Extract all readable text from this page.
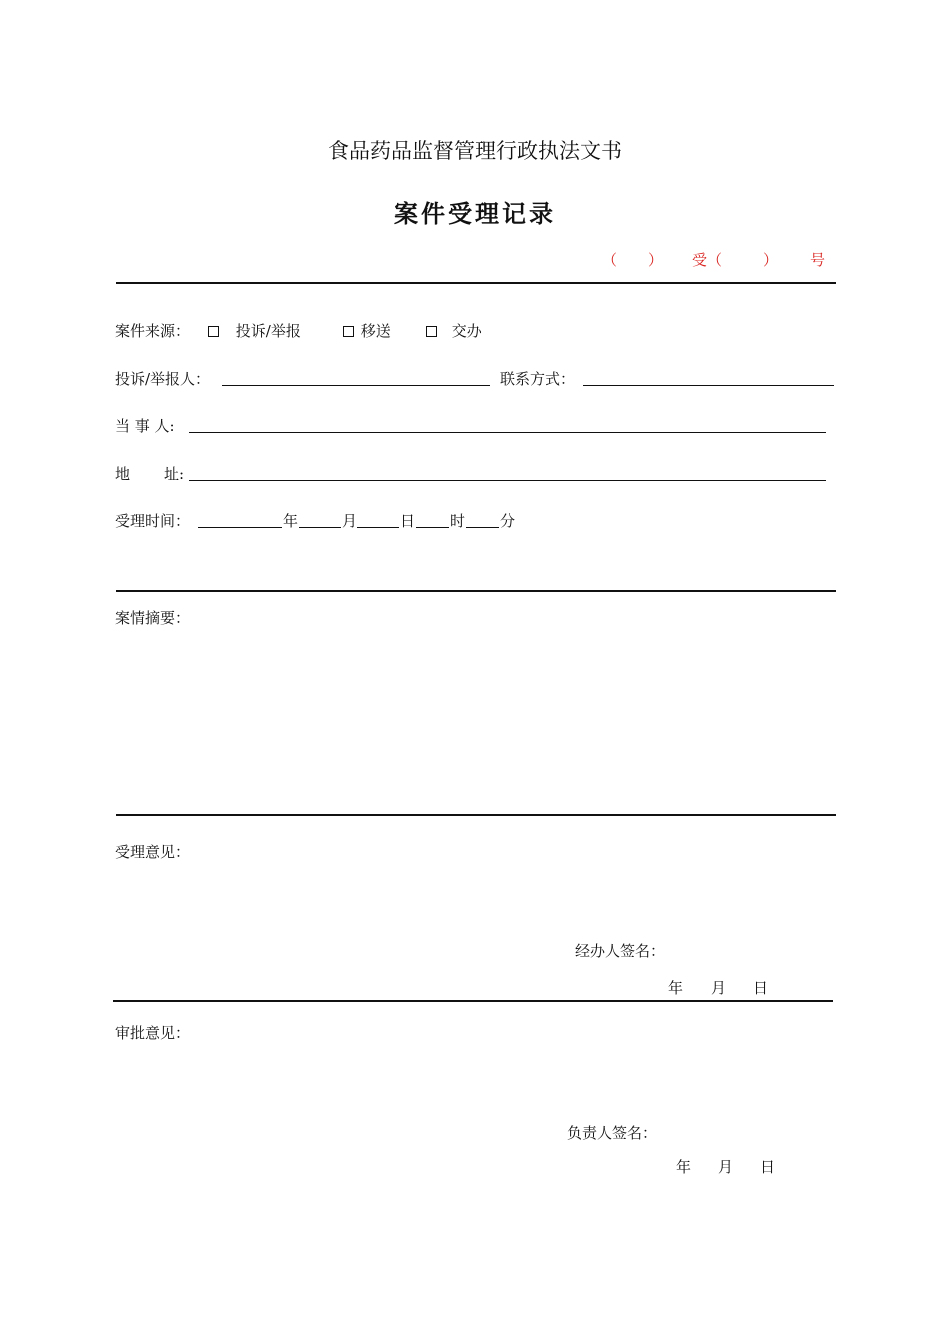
食品药品监督管理行政执法文书
案件受理记录
（ ） 受（	） 号
案件来源：	投诉/举报	移送	交办
投诉/举报人：	联系方式：
当 事 人:
地 址:
受理时间：	年	月	日 时 分
案情摘要：
受理意见：
经办人签名：
年 月 日
审批意见：
负责人签名：
年 月 日
